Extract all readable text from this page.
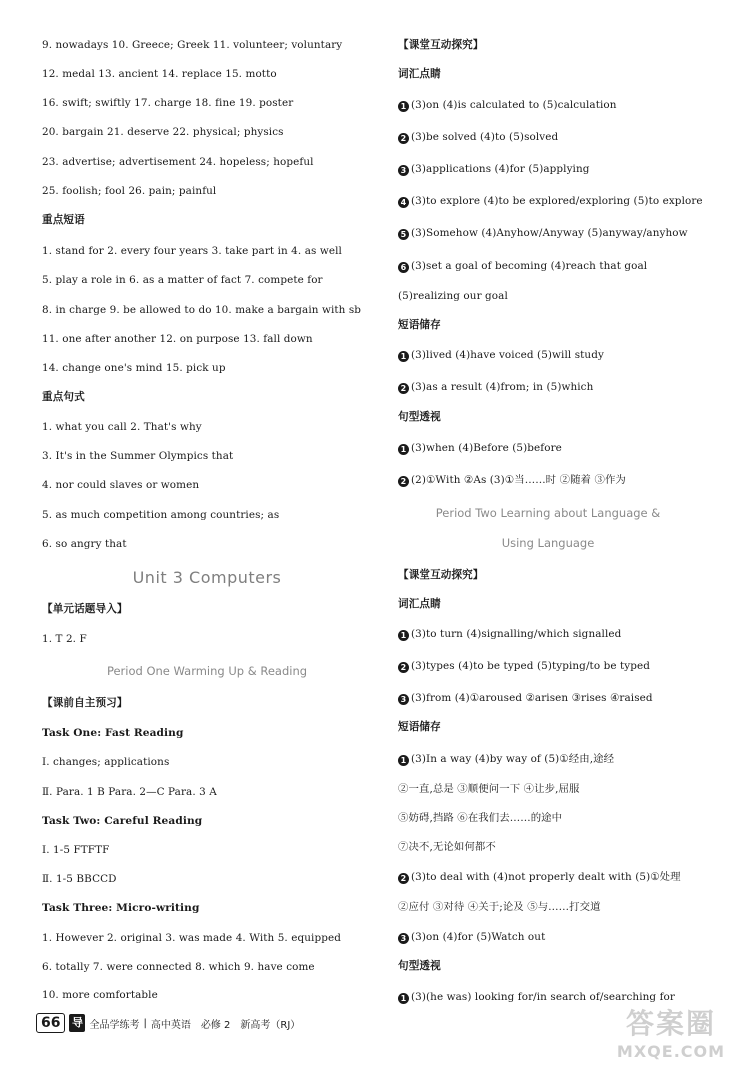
Unit 3 Computers
Period One Warming Up & Reading
9. nowadays 10. Greece; Greek 11. volunteer; voluntary
12. medal 13. ancient 14. replace 15. motto
16. swift; swiftly 17. charge 18. fine 19. poster
20. bargain 21. deserve 22. physical; physics
23. advertise; advertisement 24. hopeless; hopeful
25. foolish; fool 26. pain; painful
重点短语
1. stand for 2. every four years 3. take part in 4. as well
5. play a role in 6. as a matter of fact 7. compete for
8. in charge 9. be allowed to do 10. make a bargain with sb
11. one after another 12. on purpose 13. fall down
14. change one's mind 15. pick up
重点句式
1. what you call 2. That's why
3. It's in the Summer Olympics that
4. nor could slaves or women
5. as much competition among countries; as
6. so angry that
【单元话题导入】
1. T 2. F
【课前自主预习】
Task One: Fast Reading
Ⅰ. changes; applications
Ⅱ. Para. 1 B Para. 2—C Para. 3 A
Task Two: Careful Reading
Ⅰ. 1-5 FTFTF
Ⅱ. 1-5 BBCCD
Task Three: Micro-writing
1. However 2. original 3. was made 4. With 5. equipped
6. totally 7. were connected 8. which 9. have come
10. more comfortable
Period Two Learning about Language &
Using Language
【课堂互动探究】
词汇点睛
1 (3)on (4)is calculated to (5)calculation
2 (3)be solved (4)to (5)solved
3 (3)applications (4)for (5)applying
4 (3)to explore (4)to be explored/exploring (5)to explore
5 (3)Somehow (4)Anyhow/Anyway (5)anyway/anyhow
6 (3)set a goal of becoming (4)reach that goal
(5)realizing our goal
短语储存
1 (3)lived (4)have voiced (5)will study
2 (3)as a result (4)from; in (5)which
句型透视
1 (3)when (4)Before (5)before
2 (2)①With ②As (3)①当……时 ②随着 ③作为
【课堂互动探究】
词汇点睛
1 (3)to turn (4)signalling/which signalled
2 (3)types (4)to be typed (5)typing/to be typed
3 (3)from (4)①aroused ②arisen ③rises ④raised
短语储存
1 (3)In a way (4)by way of (5)①经由,途经
②一直,总是 ③顺便问一下 ④让步,屈服
⑤妨碍,挡路 ⑥在我们去……的途中
⑦决不,无论如何都不
2 (3)to deal with (4)not properly dealt with (5)①处理
②应付 ③对待 ④关于;论及 ⑤与……打交道
3 (3)on (4)for (5)Watch out
句型透视
1 (3)(he was) looking for/in search of/searching for
66	导 全品学练考 | 高中英语 必修 2 新高考（RJ）	答案圈
MXQE.COM
